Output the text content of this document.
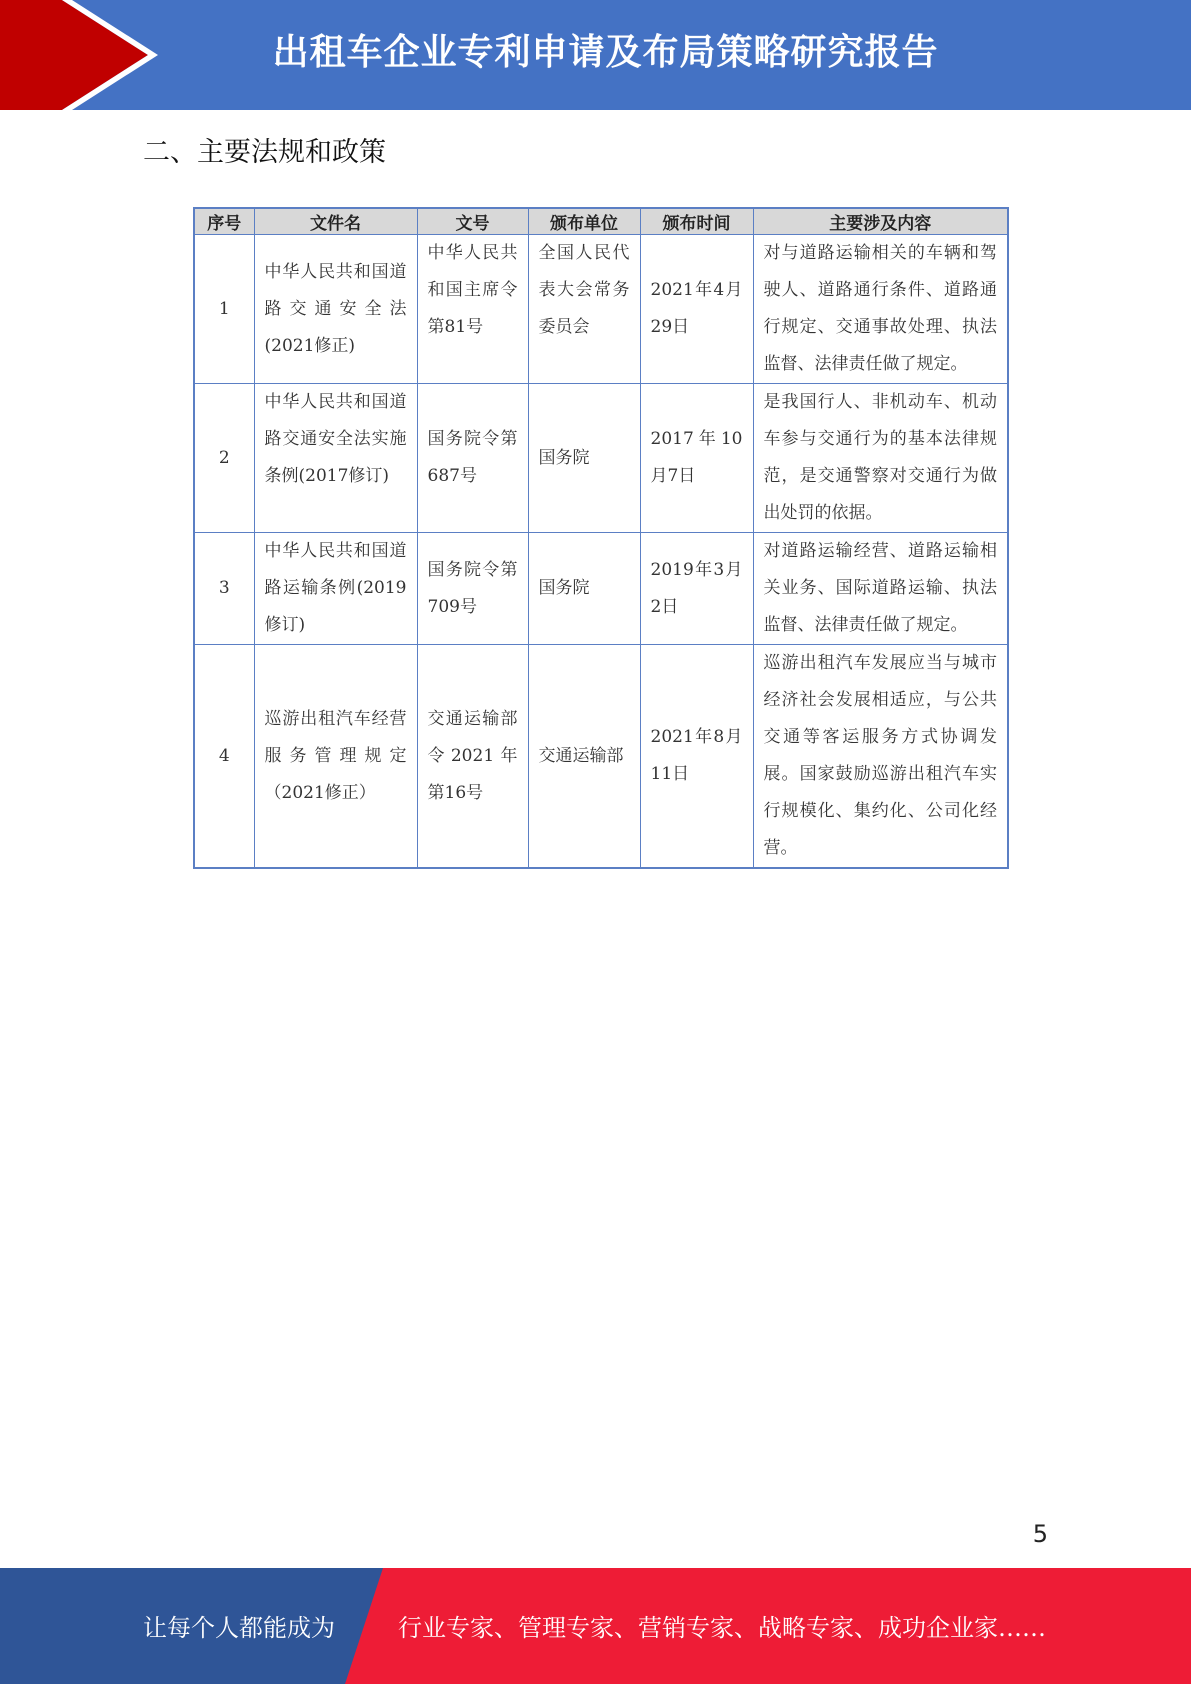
出租车企业专利申请及布局策略研究报告
二、主要法规和政策
序号	文件名	文号	颁布单位	颁布时间	主要涉及内容
1	中华人民共和国道路交通安全法(2021修正)	中华人民共和国主席令第81号	全国人民代表大会常务委员会	2021年4月29日	对与道路运输相关的车辆和驾驶人、道路通行条件、道路通行规定、交通事故处理、执法监督、法律责任做了规定。
2	中华人民共和国道路交通安全法实施条例(2017修订)	国务院令第687号	国务院	2017年10月7日	是我国行人、非机动车、机动车参与交通行为的基本法律规范，是交通警察对交通行为做出处罚的依据。
3	中华人民共和国道路运输条例(2019修订)	国务院令第709号	国务院	2019年3月2日	对道路运输经营、道路运输相关业务、国际道路运输、执法监督、法律责任做了规定。
4	巡游出租汽车经营服务管理规定（2021修正）	交通运输部令2021年第16号	交通运输部	2021年8月11日	巡游出租汽车发展应当与城市经济社会发展相适应，与公共交通等客运服务方式协调发展。国家鼓励巡游出租汽车实行规模化、集约化、公司化经营。
5
让每个人都能成为	行业专家、管理专家、营销专家、战略专家、成功企业家……
